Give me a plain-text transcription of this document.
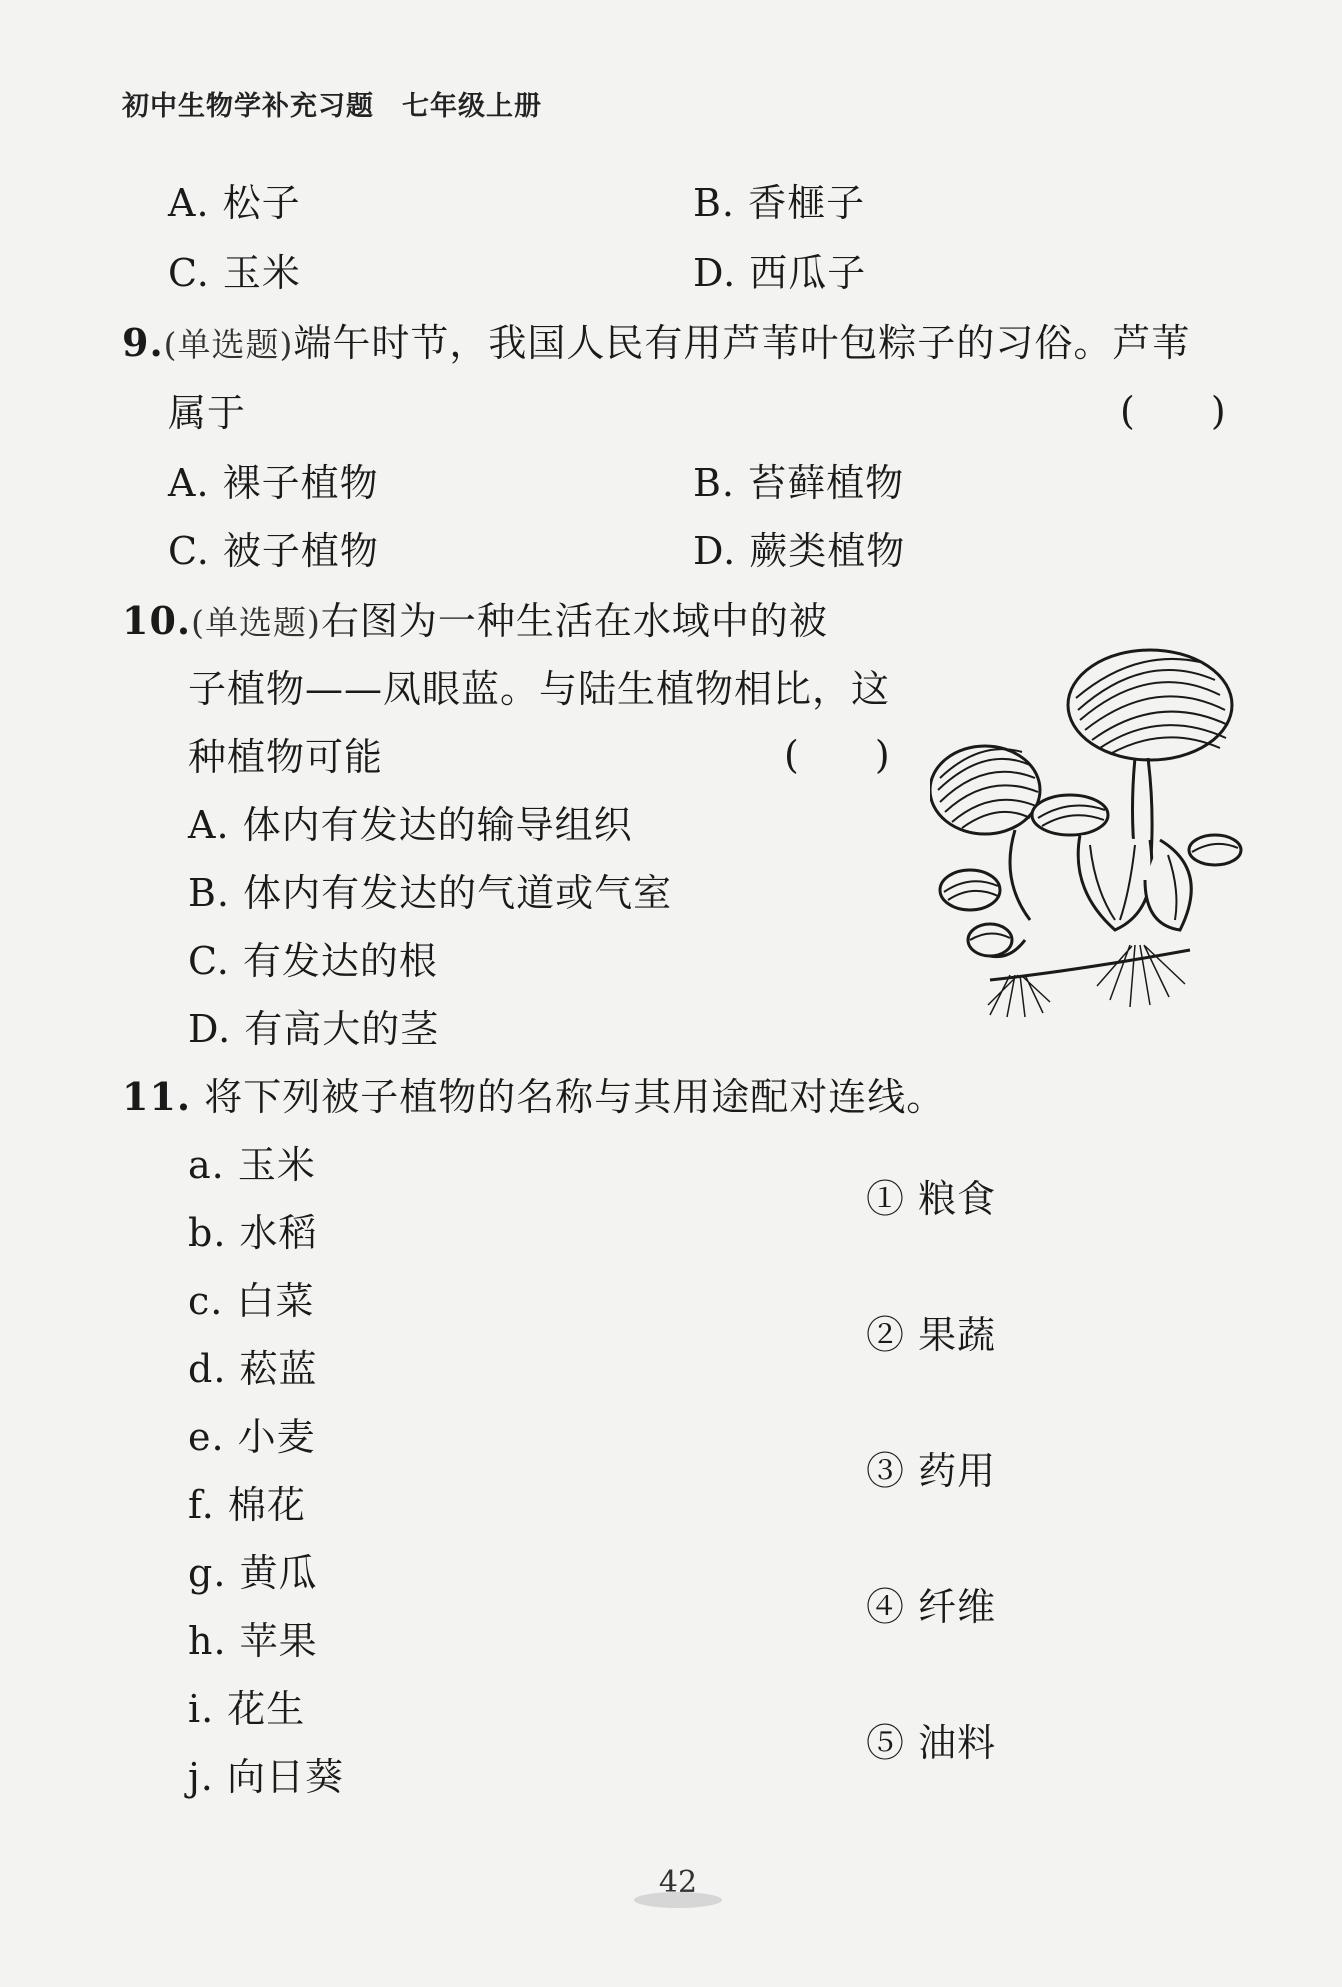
初中生物学补充习题　七年级上册
A. 松子	B. 香榧子
C. 玉米	D. 西瓜子
9.(单选题)端午时节，我国人民有用芦苇叶包粽子的习俗。芦苇
属于	(　　)
A. 裸子植物	B. 苔藓植物
C. 被子植物	D. 蕨类植物
10.(单选题)右图为一种生活在水域中的被
子植物——凤眼蓝。与陆生植物相比，这
种植物可能	(　　)
A. 体内有发达的输导组织
B. 体内有发达的气道或气室
C. 有发达的根
D. 有高大的茎
11. 将下列被子植物的名称与其用途配对连线。
a. 玉米
b. 水稻
c. 白菜
d. 菘蓝
e. 小麦
f. 棉花
g. 黄瓜
h. 苹果
i. 花生
j. 向日葵
① 粮食
② 果蔬
③ 药用
④ 纤维
⑤ 油料
42
